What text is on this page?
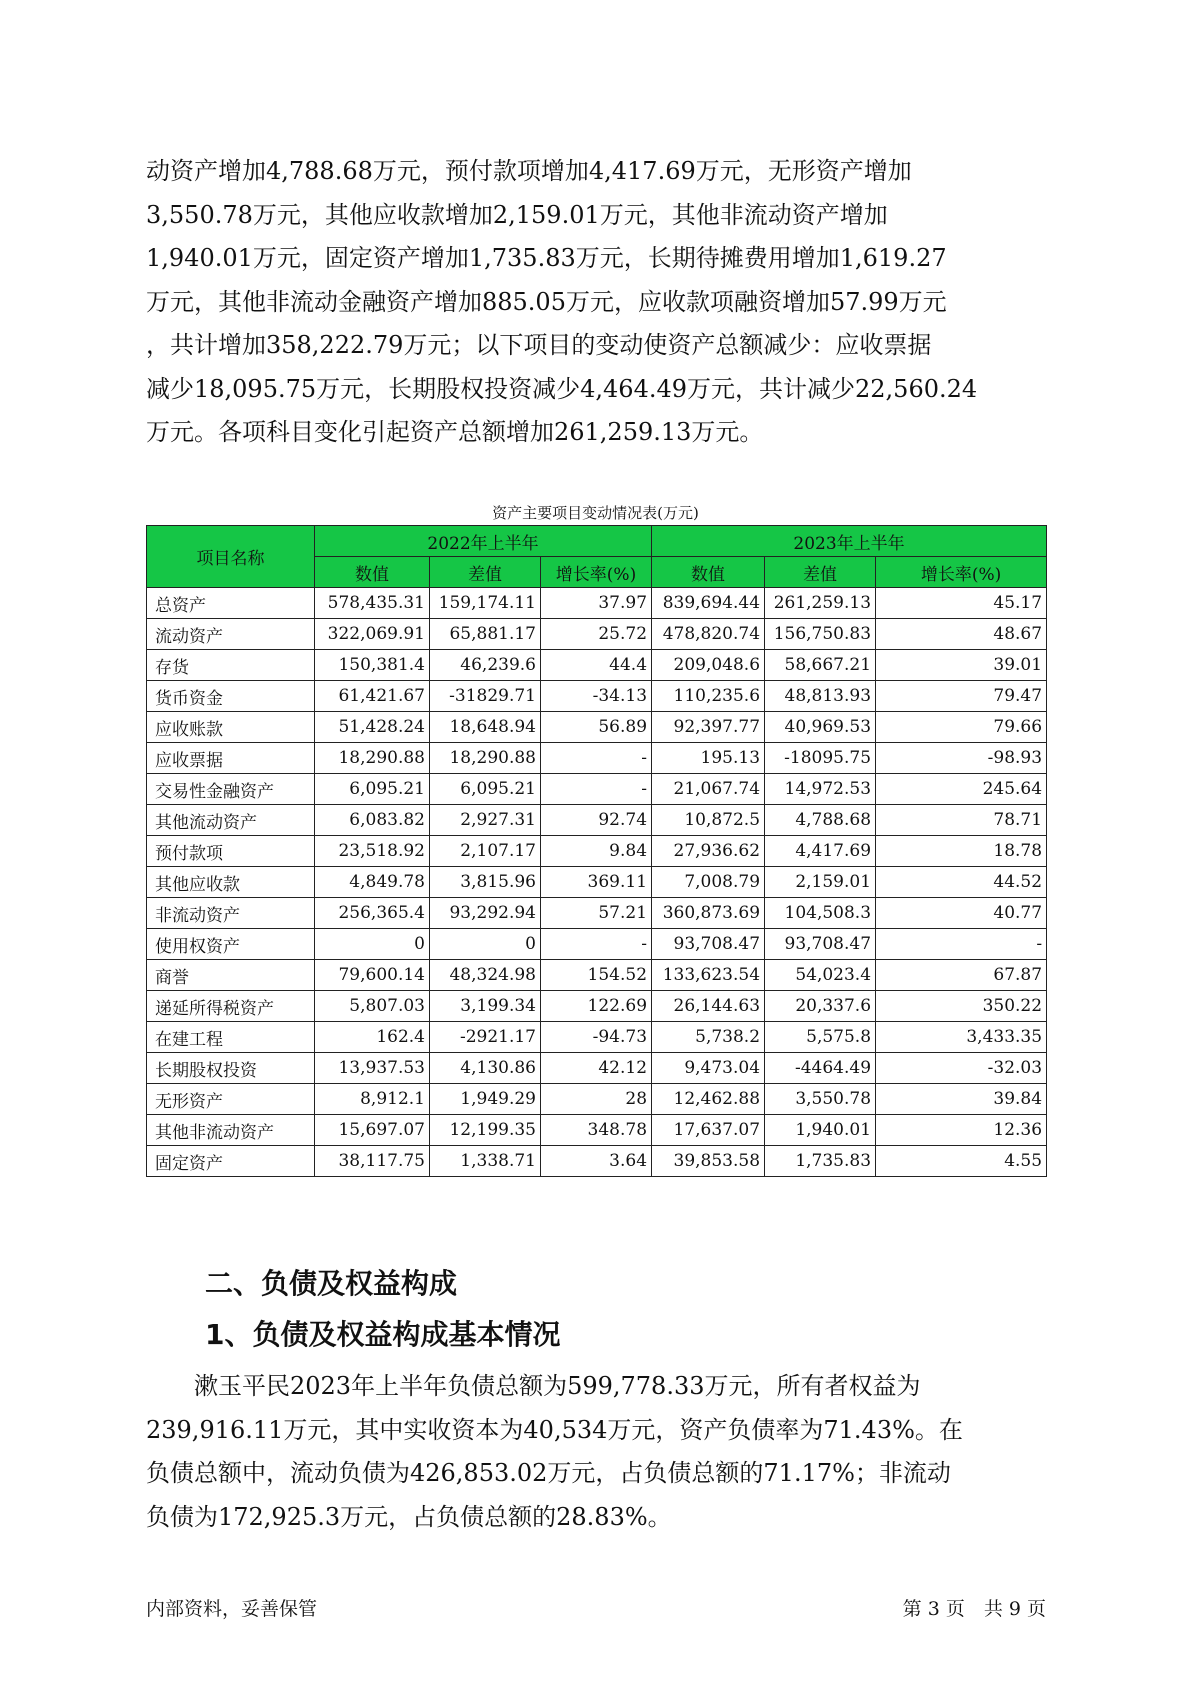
动资产增加4,788.68万元，预付款项增加4,417.69万元，无形资产增加
3,550.78万元，其他应收款增加2,159.01万元，其他非流动资产增加
1,940.01万元，固定资产增加1,735.83万元，长期待摊费用增加1,619.27
万元，其他非流动金融资产增加885.05万元，应收款项融资增加57.99万元
，共计增加358,222.79万元；以下项目的变动使资产总额减少：应收票据
减少18,095.75万元，长期股权投资减少4,464.49万元，共计减少22,560.24
万元。各项科目变化引起资产总额增加261,259.13万元。
资产主要项目变动情况表(万元)
项目名称	2022年上半年			2023年上半年		
	数值	差值	增长率(%)	数值	差值	增长率(%)
总资产	578,435.31	159,174.11	37.97	839,694.44	261,259.13	45.17
流动资产	322,069.91	65,881.17	25.72	478,820.74	156,750.83	48.67
存货	150,381.4	46,239.6	44.4	209,048.6	58,667.21	39.01
货币资金	61,421.67	-31829.71	-34.13	110,235.6	48,813.93	79.47
应收账款	51,428.24	18,648.94	56.89	92,397.77	40,969.53	79.66
应收票据	18,290.88	18,290.88	-	195.13	-18095.75	-98.93
交易性金融资产	6,095.21	6,095.21	-	21,067.74	14,972.53	245.64
其他流动资产	6,083.82	2,927.31	92.74	10,872.5	4,788.68	78.71
预付款项	23,518.92	2,107.17	9.84	27,936.62	4,417.69	18.78
其他应收款	4,849.78	3,815.96	369.11	7,008.79	2,159.01	44.52
非流动资产	256,365.4	93,292.94	57.21	360,873.69	104,508.3	40.77
使用权资产	0	0	-	93,708.47	93,708.47	-
商誉	79,600.14	48,324.98	154.52	133,623.54	54,023.4	67.87
递延所得税资产	5,807.03	3,199.34	122.69	26,144.63	20,337.6	350.22
在建工程	162.4	-2921.17	-94.73	5,738.2	5,575.8	3,433.35
长期股权投资	13,937.53	4,130.86	42.12	9,473.04	-4464.49	-32.03
无形资产	8,912.1	1,949.29	28	12,462.88	3,550.78	39.84
其他非流动资产	15,697.07	12,199.35	348.78	17,637.07	1,940.01	12.36
固定资产	38,117.75	1,338.71	3.64	39,853.58	1,735.83	4.55
二、负债及权益构成
1、负债及权益构成基本情况
　　漱玉平民2023年上半年负债总额为599,778.33万元，所有者权益为
239,916.11万元，其中实收资本为40,534万元，资产负债率为71.43%。在
负债总额中，流动负债为426,853.02万元，占负债总额的71.17%；非流动
负债为172,925.3万元，占负债总额的28.83%。
内部资料，妥善保管	第 3 页　共 9 页
